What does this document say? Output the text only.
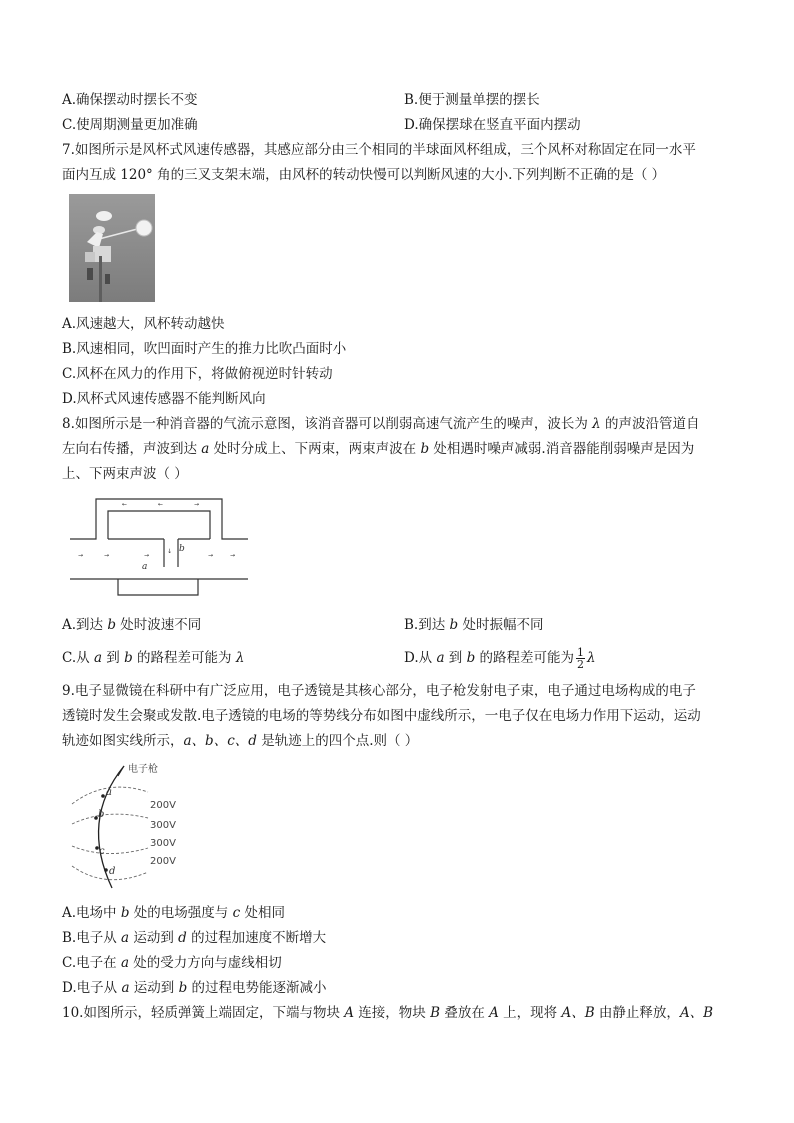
A.确保摆动时摆长不变	B.便于测量单摆的摆长
C.使周期测量更加准确	D.确保摆球在竖直平面内摆动
7.如图所示是风杯式风速传感器，其感应部分由三个相同的半球面风杯组成，三个风杯对称固定在同一水平
面内互成 120° 角的三叉支架末端，由风杯的转动快慢可以判断风速的大小.下列判断不正确的是（ ）
A.风速越大，风杯转动越快
B.风速相同，吹凹面时产生的推力比吹凸面时小
C.风杯在风力的作用下，将做俯视逆时针转动
D.风杯式风速传感器不能判断风向
8.如图所示是一种消音器的气流示意图，该消音器可以削弱高速气流产生的噪声，波长为 λ 的声波沿管道自
左向右传播，声波到达 a 处时分成上、下两束，两束声波在 b 处相遇时噪声减弱.消音器能削弱噪声是因为
上、下两束声波（ ）
←	←	→
→	→	→	→
→
↓
a
b
A.到达 b 处时波速不同	B.到达 b 处时振幅不同
C.从 a 到 b 的路程差可能为 λ	D.从 a 到 b 的路程差可能为 $\frac{1}{2}$ λ
9.电子显微镜在科研中有广泛应用，电子透镜是其核心部分，电子枪发射电子束，电子通过电场构成的电子
透镜时发生会聚或发散.电子透镜的电场的等势线分布如图中虚线所示，一电子仅在电场力作用下运动，运动
轨迹如图实线所示，a、b、c、d 是轨迹上的四个点.则（ ）
电子枪
200V
300V
300V
200V
a
b
c
d
A.电场中 b 处的电场强度与 c 处相同
B.电子从 a 运动到 d 的过程加速度不断增大
C.电子在 a 处的受力方向与虚线相切
D.电子从 a 运动到 b 的过程电势能逐渐减小
10.如图所示，轻质弹簧上端固定，下端与物块 A 连接，物块 B 叠放在 A 上，现将 A、B 由静止释放，A、B
